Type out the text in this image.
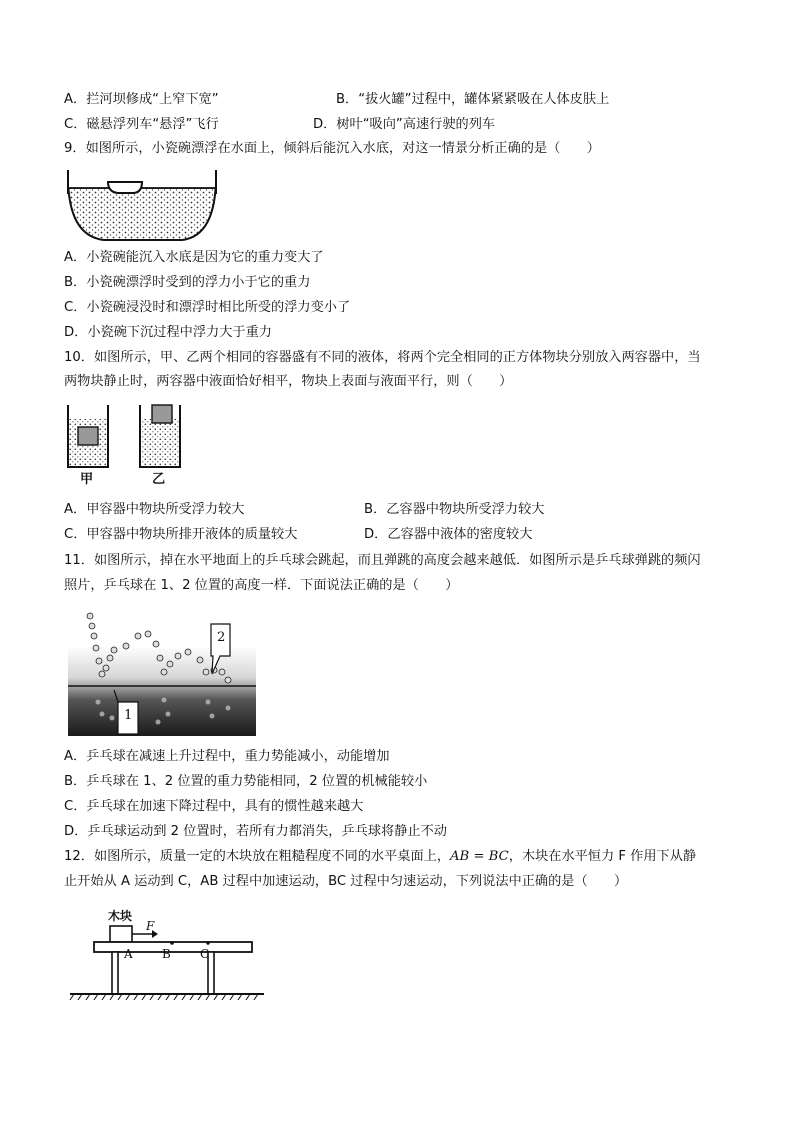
A．拦河坝修成“上窄下宽”	B．“拔火罐”过程中，罐体紧紧吸在人体皮肤上
C．磁悬浮列车“悬浮”飞行	D．树叶“吸向”高速行驶的列车
9．如图所示，小瓷碗漂浮在水面上，倾斜后能沉入水底，对这一情景分析正确的是（　　）
A．小瓷碗能沉入水底是因为它的重力变大了
B．小瓷碗漂浮时受到的浮力小于它的重力
C．小瓷碗浸没时和漂浮时相比所受的浮力变小了
D．小瓷碗下沉过程中浮力大于重力
10．如图所示，甲、乙两个相同的容器盛有不同的液体，将两个完全相同的正方体物块分别放入两容器中，当
两物块静止时，两容器中液面恰好相平，物块上表面与液面平行，则（　　）
甲	乙
A．甲容器中物块所受浮力较大	B．乙容器中物块所受浮力较大
C．甲容器中物块所排开液体的质量较大	D．乙容器中液体的密度较大
11．如图所示，掉在水平地面上的乒乓球会跳起，而且弹跳的高度会越来越低．如图所示是乒乓球弹跳的频闪
照片，乒乓球在 1、2 位置的高度一样．下面说法正确的是（　　）
2
1
A．乒乓球在减速上升过程中，重力势能减小，动能增加
B．乒乓球在 1、2 位置的重力势能相同，2 位置的机械能较小
C．乒乓球在加速下降过程中，具有的惯性越来越大
D．乒乓球运动到 2 位置时，若所有力都消失，乒乓球将静止不动
12．如图所示，质量一定的木块放在粗糙程度不同的水平桌面上，AB = BC，木块在水平恒力 F 作用下从静
止开始从 A 运动到 C，AB 过程中加速运动，BC 过程中匀速运动，下列说法中正确的是（　　）
木块
F
A B C
